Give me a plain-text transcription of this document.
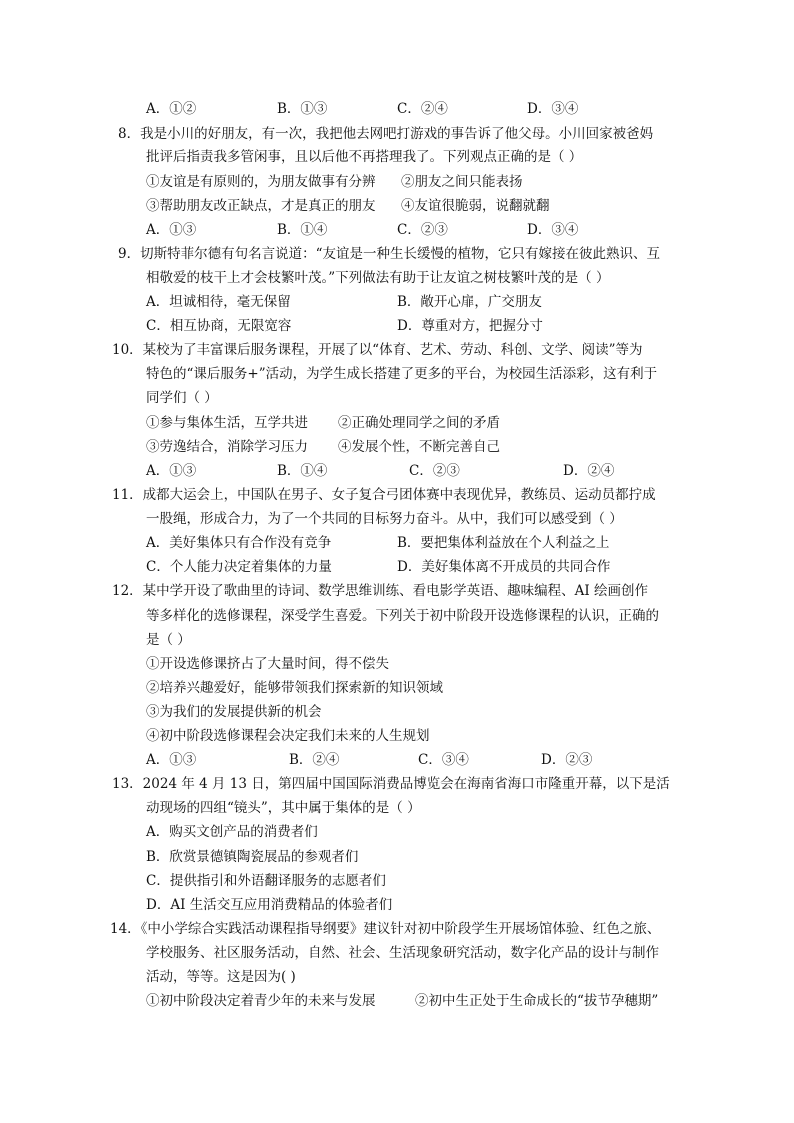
A．①②	B．①③	C．②④	D．③④
8．我是小川的好朋友，有一次，我把他去网吧打游戏的事告诉了他父母。小川回家被爸妈
批评后指责我多管闲事，且以后他不再搭理我了。下列观点正确的是（ ）
①友谊是有原则的，为朋友做事有分辨 ②朋友之间只能表扬
③帮助朋友改正缺点，才是真正的朋友 ④友谊很脆弱，说翻就翻
A．①③	B．①④	C．②③	D．③④
9．切斯特菲尔德有句名言说道：“友谊是一种生长缓慢的植物，它只有嫁接在彼此熟识、互
相敬爱的枝干上才会枝繁叶茂。”下列做法有助于让友谊之树枝繁叶茂的是（ ）
A．坦诚相待，毫无保留	B．敞开心扉，广交朋友
C．相互协商，无限宽容	D．尊重对方，把握分寸
10．某校为了丰富课后服务课程，开展了以“体育、艺术、劳动、科创、文学、阅读”等为
特色的“课后服务+”活动，为学生成长搭建了更多的平台，为校园生活添彩，这有利于
同学们（ ）
①参与集体生活，互学共进 ②正确处理同学之间的矛盾
③劳逸结合，消除学习压力 ④发展个性，不断完善自己
A．①③	B．①④	C．②③	D．②④
11．成都大运会上，中国队在男子、女子复合弓团体赛中表现优异，教练员、运动员都拧成
一股绳，形成合力，为了一个共同的目标努力奋斗。从中，我们可以感受到（ ）
A．美好集体只有合作没有竞争	B．要把集体利益放在个人利益之上
C．个人能力决定着集体的力量	D．美好集体离不开成员的共同合作
12．某中学开设了歌曲里的诗词、数学思维训练、看电影学英语、趣味编程、AI 绘画创作
等多样化的选修课程，深受学生喜爱。下列关于初中阶段开设选修课程的认识，正确的
是（ ）
①开设选修课挤占了大量时间，得不偿失
②培养兴趣爱好，能够带领我们探索新的知识领域
③为我们的发展提供新的机会
④初中阶段选修课程会决定我们未来的人生规划
A．①③	B．②④	C．③④	D．②③
13．2024 年 4 月 13 日，第四届中国国际消费品博览会在海南省海口市隆重开幕，以下是活
动现场的四组“镜头”，其中属于集体的是（ ）
A．购买文创产品的消费者们
B．欣赏景德镇陶瓷展品的参观者们
C．提供指引和外语翻译服务的志愿者们
D．AI 生活交互应用消费精品的体验者们
14．《中小学综合实践活动课程指导纲要》建议针对初中阶段学生开展场馆体验、红色之旅、
学校服务、社区服务活动，自然、社会、生活现象研究活动，数字化产品的设计与制作
活动，等等。这是因为( )
①初中阶段决定着青少年的未来与发展	②初中生正处于生命成长的“拔节孕穗期”
